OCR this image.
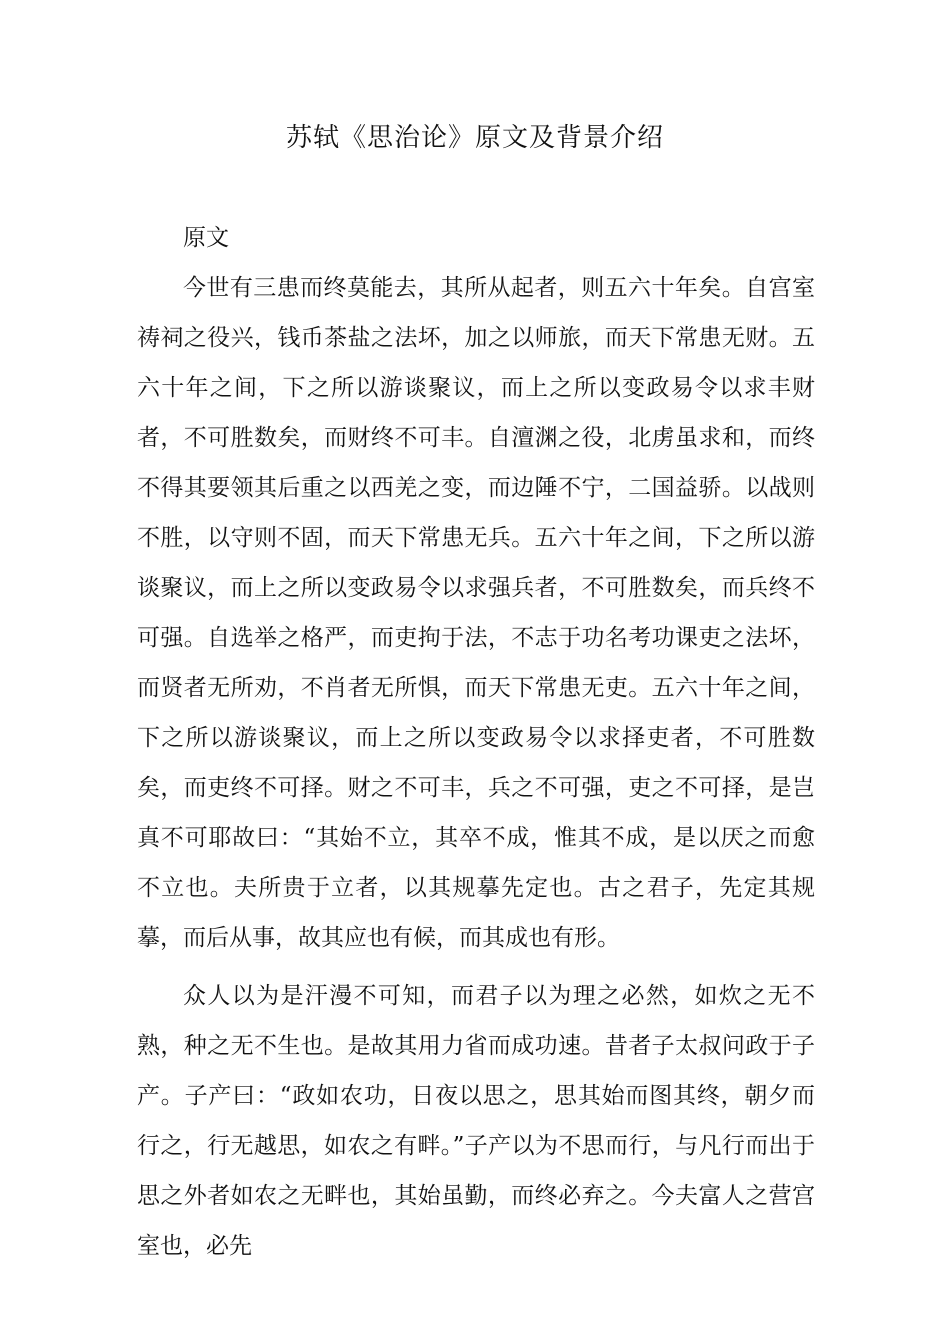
苏轼《思治论》原文及背景介绍

原文

今世有三患而终莫能去，其所从起者，则五六十年矣。自宫室祷祠之役兴，钱币茶盐之法坏，加之以师旅，而天下常患无财。五六十年之间，下之所以游谈聚议，而上之所以变政易令以求丰财者，不可胜数矣，而财终不可丰。自澶渊之役，北虏虽求和，而终不得其要领其后重之以西羌之变，而边陲不宁，二国益骄。以战则不胜，以守则不固，而天下常患无兵。五六十年之间，下之所以游谈聚议，而上之所以变政易令以求强兵者，不可胜数矣，而兵终不可强。自选举之格严，而吏拘于法，不志于功名考功课吏之法坏，而贤者无所劝，不肖者无所惧，而天下常患无吏。五六十年之间，下之所以游谈聚议，而上之所以变政易令以求择吏者，不可胜数矣，而吏终不可择。财之不可丰，兵之不可强，吏之不可择，是岂真不可耶故曰：“其始不立，其卒不成，惟其不成，是以厌之而愈不立也。夫所贵于立者，以其规摹先定也。古之君子，先定其规摹，而后从事，故其应也有候，而其成也有形。

众人以为是汗漫不可知，而君子以为理之必然，如炊之无不熟，种之无不生也。是故其用力省而成功速。昔者子太叔问政于子产。子产曰：“政如农功，日夜以思之，思其始而图其终，朝夕而行之，行无越思，如农之有畔。”子产以为不思而行，与凡行而出于思之外者如农之无畔也，其始虽勤，而终必弃之。今夫富人之营宫室也，必先
